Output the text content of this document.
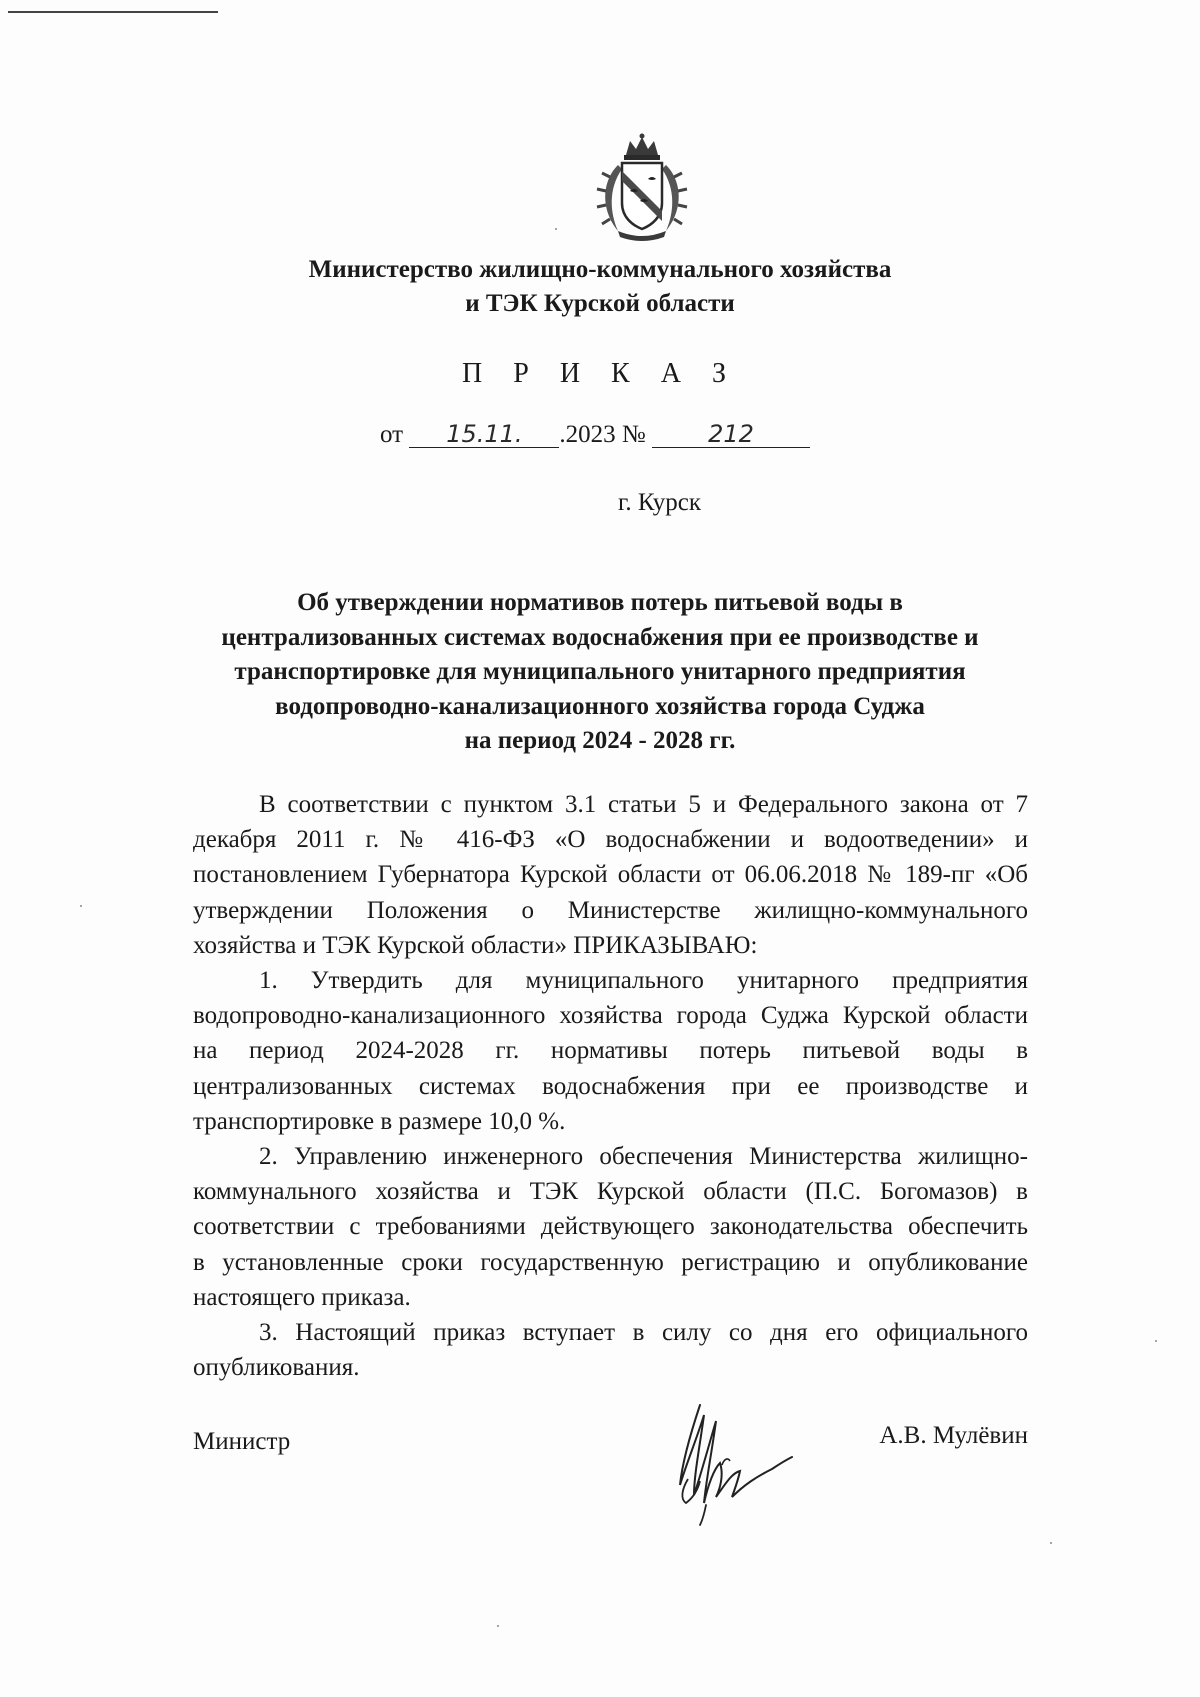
Министерство жилищно-коммунального хозяйства
и ТЭК Курской области
П Р И К А З
от 15.11. .2023 №	212
г. Курск
Об утверждении нормативов потерь питьевой воды в
централизованных системах водоснабжения при ее производстве и
транспортировке для муниципального унитарного предприятия
водопроводно-канализационного хозяйства города Суджа
на период 2024 - 2028 гг.
В соответствии с пунктом 3.1 статьи 5 и Федерального закона от 7
декабря 2011 г. № 416-ФЗ «О водоснабжении и водоотведении» и
постановлением Губернатора Курской области от 06.06.2018 № 189-пг «Об
утверждении Положения о Министерстве жилищно-коммунального
хозяйства и ТЭК Курской области» ПРИКАЗЫВАЮ:
1. Утвердить для муниципального унитарного предприятия
водопроводно-канализационного хозяйства города Суджа Курской области
на период 2024-2028 гг. нормативы потерь питьевой воды в
централизованных системах водоснабжения при ее производстве и
транспортировке в размере 10,0 %.
2. Управлению инженерного обеспечения Министерства жилищно-
коммунального хозяйства и ТЭК Курской области (П.С. Богомазов) в
соответствии с требованиями действующего законодательства обеспечить
в установленные сроки государственную регистрацию и опубликование
настоящего приказа.
3. Настоящий приказ вступает в силу со дня его официального
опубликования.
Министр	А.В. Мулёвин
